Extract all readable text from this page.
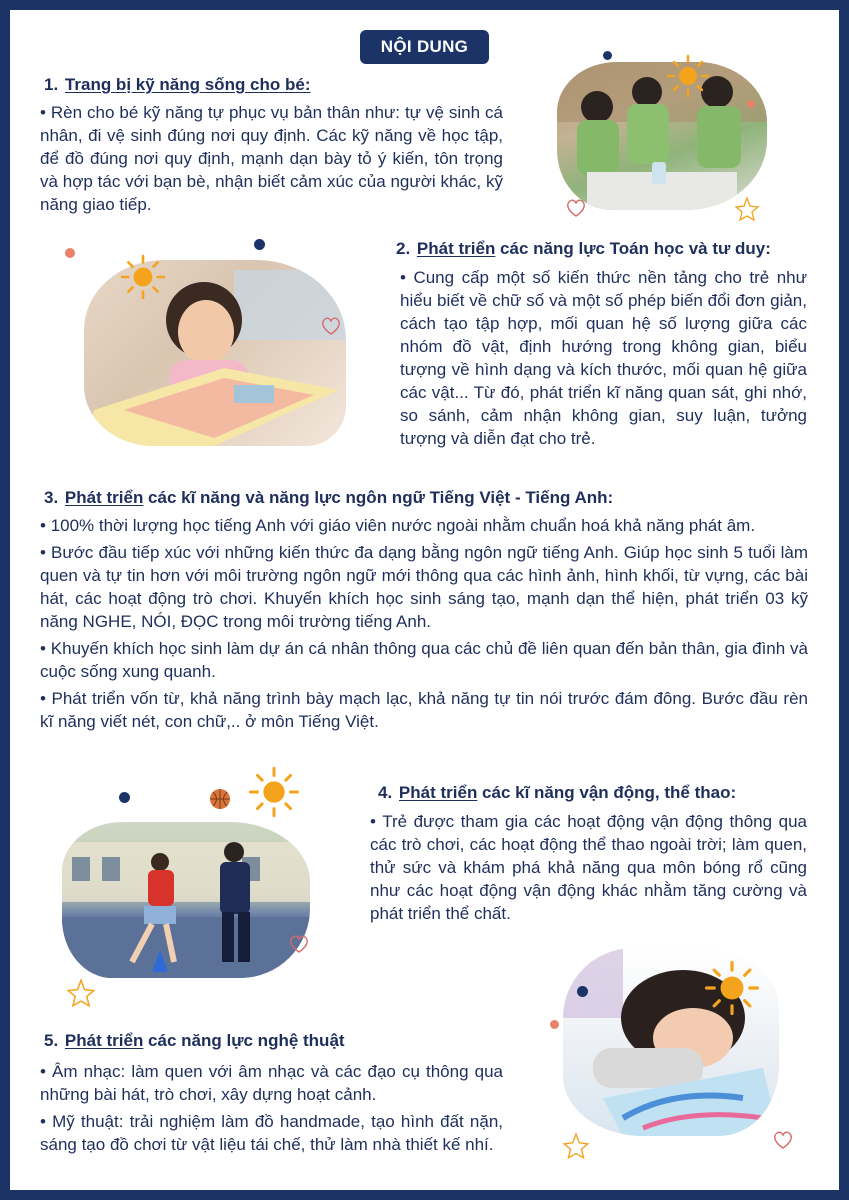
NỘI DUNG
1. Trang bị kỹ năng sống cho bé:

• Rèn cho bé kỹ năng tự phục vụ bản thân như: tự vệ sinh cá nhân, đi vệ sinh đúng nơi quy định. Các kỹ năng về học tập, để đồ đúng nơi quy định, mạnh dạn bày tỏ ý kiến, tôn trọng và hợp tác với bạn bè, nhận biết cảm xúc của người khác, kỹ năng giao tiếp.

2. Phát triển các năng lực Toán học và tư duy:

• Cung cấp một số kiến thức nền tảng cho trẻ như hiểu biết về chữ số và một số phép biến đổi đơn giản, cách tạo tập hợp, mối quan hệ số lượng giữa các nhóm đồ vật, định hướng trong không gian, biểu tượng về hình dạng và kích thước, mối quan hệ giữa các vật... Từ đó, phát triển kĩ năng quan sát, ghi nhớ, so sánh, cảm nhận không gian, suy luận, tưởng tượng và diễn đạt cho trẻ.

3. Phát triển các kĩ năng và năng lực ngôn ngữ Tiếng Việt - Tiếng Anh:

• 100% thời lượng học tiếng Anh với giáo viên nước ngoài nhằm chuẩn hoá khả năng phát âm.

• Bước đầu tiếp xúc với những kiến thức đa dạng bằng ngôn ngữ tiếng Anh. Giúp học sinh 5 tuổi làm quen và tự tin hơn với môi trường ngôn ngữ mới thông qua các hình ảnh, hình khối, từ vựng, các bài hát, các hoạt động trò chơi. Khuyến khích học sinh sáng tạo, mạnh dạn thể hiện, phát triển 03 kỹ năng NGHE, NÓI, ĐỌC trong môi trường tiếng Anh.

• Khuyến khích học sinh làm dự án cá nhân thông qua các chủ đề liên quan đến bản thân, gia đình và cuộc sống xung quanh.

• Phát triển vốn từ, khả năng trình bày mạch lạc, khả năng tự tin nói trước đám đông. Bước đầu rèn kĩ năng viết nét, con chữ,.. ở môn Tiếng Việt.

4. Phát triển các kĩ năng vận động, thể thao:

• Trẻ được tham gia các hoạt động vận động thông qua các trò chơi, các hoạt động thể thao ngoài trời; làm quen, thử sức và khám phá khả năng qua môn bóng rổ cũng như các hoạt động vận động khác nhằm tăng cường và phát triển thể chất.

5. Phát triển các năng lực nghệ thuật

• Âm nhạc: làm quen với âm nhạc và các đạo cụ thông qua những bài hát, trò chơi, xây dựng hoạt cảnh.

• Mỹ thuật: trải nghiệm làm đồ handmade, tạo hình đất nặn, sáng tạo đồ chơi từ vật liệu tái chế, thử làm nhà thiết kế nhí.
